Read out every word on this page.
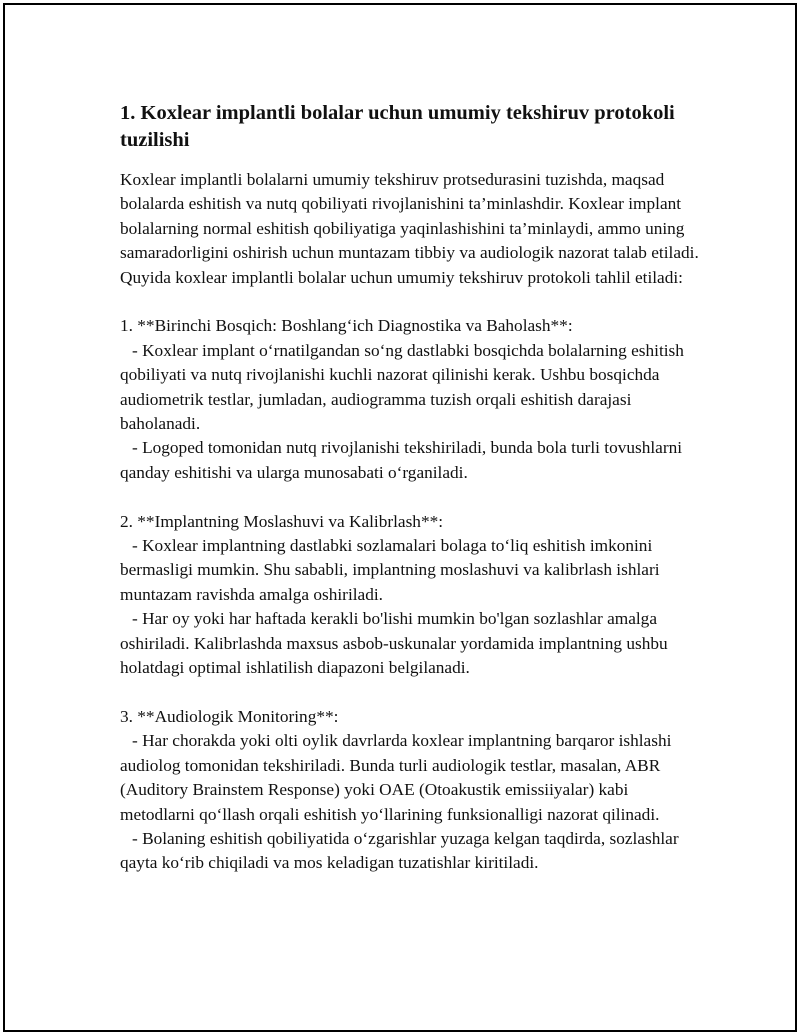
1. Koxlear implantli bolalar uchun umumiy tekshiruv protokoli tuzilishi

Koxlear implantli bolalarni umumiy tekshiruv protsedurasini tuzishda, maqsad bolalarda eshitish va nutq qobiliyati rivojlanishini ta’minlashdir. Koxlear implant bolalarning normal eshitish qobiliyatiga yaqinlashishini ta’minlaydi, ammo uning samaradorligini oshirish uchun muntazam tibbiy va audiologik nazorat talab etiladi. Quyida koxlear implantli bolalar uchun umumiy tekshiruv protokoli tahlil etiladi:

1. **Birinchi Bosqich: Boshlang‘ich Diagnostika va Baholash**:

- Koxlear implant o‘rnatilgandan so‘ng dastlabki bosqichda bolalarning eshitish qobiliyati va nutq rivojlanishi kuchli nazorat qilinishi kerak. Ushbu bosqichda audiometrik testlar, jumladan, audiogramma tuzish orqali eshitish darajasi baholanadi.

- Logoped tomonidan nutq rivojlanishi tekshiriladi, bunda bola turli tovushlarni qanday eshitishi va ularga munosabati o‘rganiladi.

2. **Implantning Moslashuvi va Kalibrlash**:

- Koxlear implantning dastlabki sozlamalari bolaga to‘liq eshitish imkonini bermasligi mumkin. Shu sababli, implantning moslashuvi va kalibrlash ishlari muntazam ravishda amalga oshiriladi.

- Har oy yoki har haftada kerakli bo'lishi mumkin bo'lgan sozlashlar amalga oshiriladi. Kalibrlashda maxsus asbob-uskunalar yordamida implantning ushbu holatdagi optimal ishlatilish diapazoni belgilanadi.

3. **Audiologik Monitoring**:

- Har chorakda yoki olti oylik davrlarda koxlear implantning barqaror ishlashi audiolog tomonidan tekshiriladi. Bunda turli audiologik testlar, masalan, ABR (Auditory Brainstem Response) yoki OAE (Otoakustik emissiiyalar) kabi metodlarni qo‘llash orqali eshitish yo‘llarining funksionalligi nazorat qilinadi.

- Bolaning eshitish qobiliyatida o‘zgarishlar yuzaga kelgan taqdirda, sozlashlar qayta ko‘rib chiqiladi va mos keladigan tuzatishlar kiritiladi.
